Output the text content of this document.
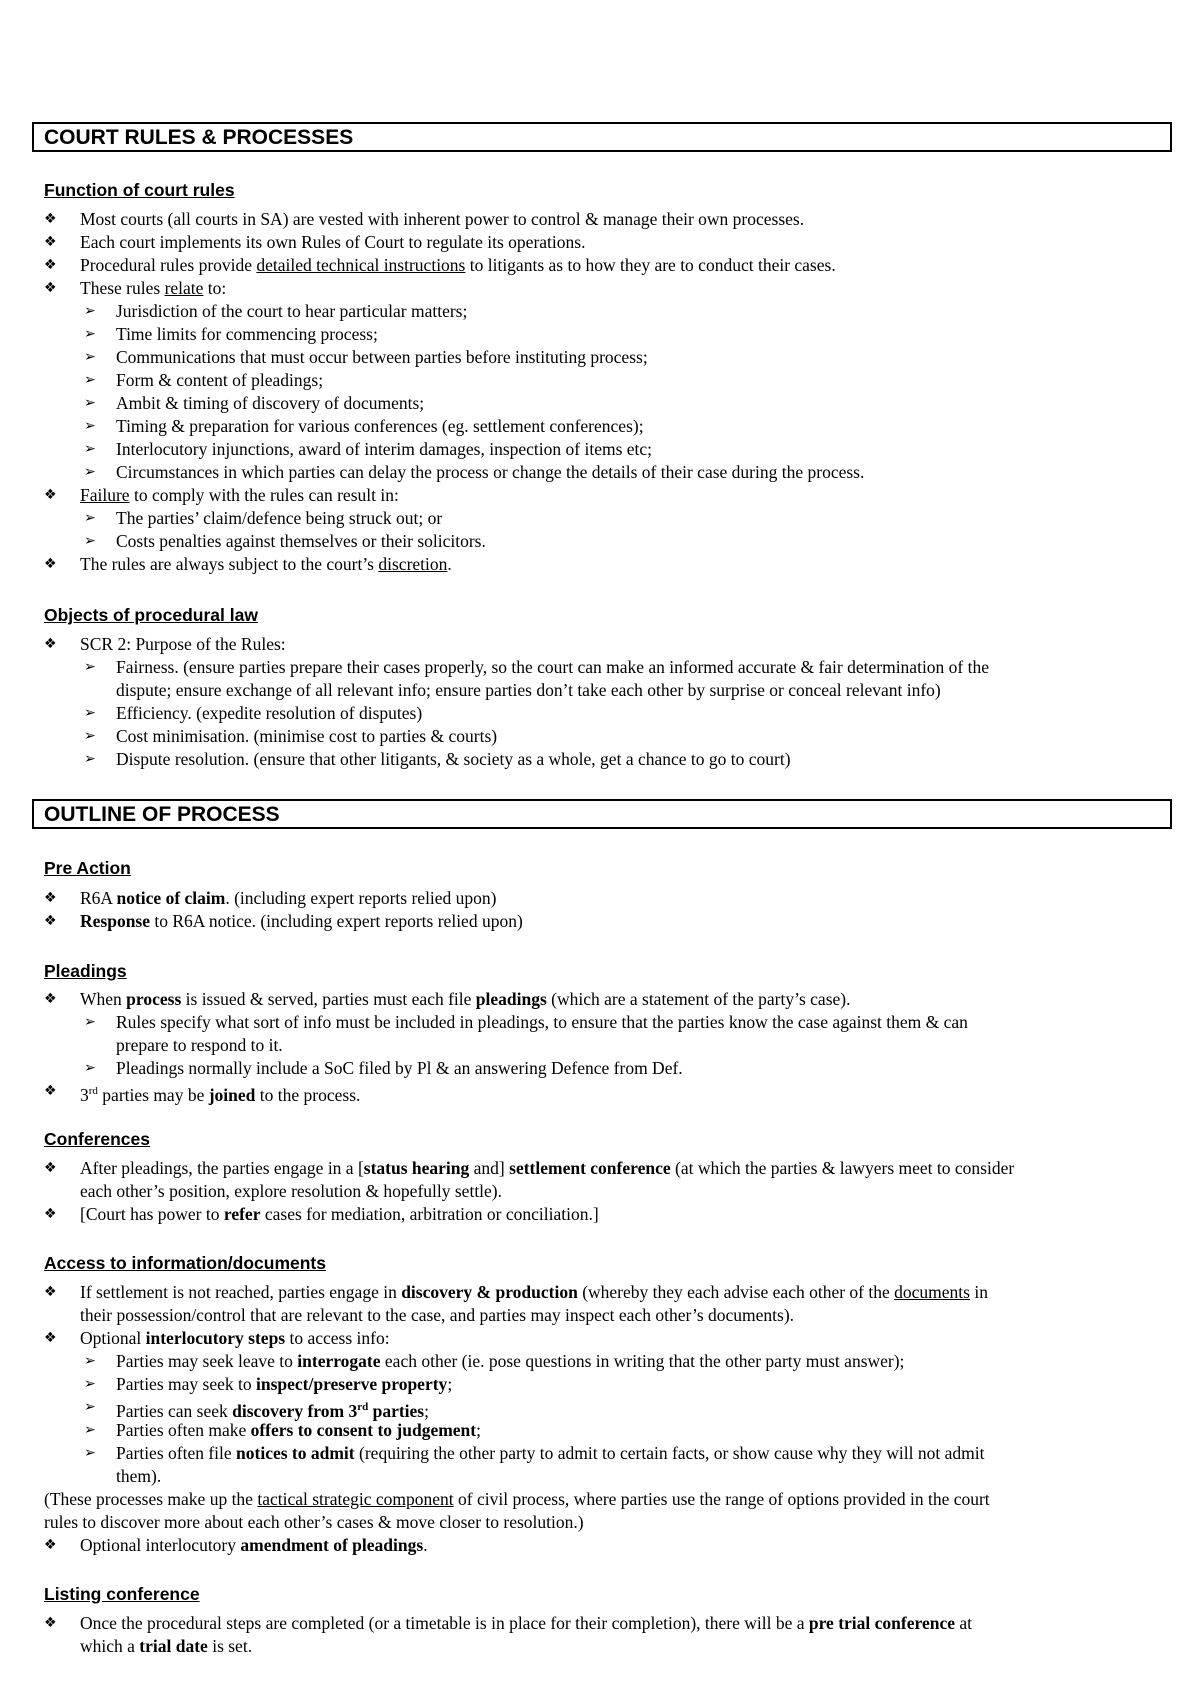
COURT RULES & PROCESSES
Function of court rules
❖ Most courts (all courts in SA) are vested with inherent power to control & manage their own processes.
❖ Each court implements its own Rules of Court to regulate its operations.
❖ Procedural rules provide detailed technical instructions to litigants as to how they are to conduct their cases.
❖ These rules relate to:
➢ Jurisdiction of the court to hear particular matters;
➢ Time limits for commencing process;
➢ Communications that must occur between parties before instituting process;
➢ Form & content of pleadings;
➢ Ambit & timing of discovery of documents;
➢ Timing & preparation for various conferences (eg. settlement conferences);
➢ Interlocutory injunctions, award of interim damages, inspection of items etc;
➢ Circumstances in which parties can delay the process or change the details of their case during the process.
❖ Failure to comply with the rules can result in:
➢ The parties’ claim/defence being struck out; or
➢ Costs penalties against themselves or their solicitors.
❖ The rules are always subject to the court’s discretion.
Objects of procedural law
❖ SCR 2: Purpose of the Rules:
➢ Fairness. (ensure parties prepare their cases properly, so the court can make an informed accurate & fair determination of the
dispute; ensure exchange of all relevant info; ensure parties don’t take each other by surprise or conceal relevant info)
➢ Efficiency. (expedite resolution of disputes)
➢ Cost minimisation. (minimise cost to parties & courts)
➢ Dispute resolution. (ensure that other litigants, & society as a whole, get a chance to go to court)
OUTLINE OF PROCESS
Pre Action
❖ R6A notice of claim. (including expert reports relied upon)
❖ Response to R6A notice. (including expert reports relied upon)
Pleadings
❖ When process is issued & served, parties must each file pleadings (which are a statement of the party’s case).
➢ Rules specify what sort of info must be included in pleadings, to ensure that the parties know the case against them & can
prepare to respond to it.
➢ Pleadings normally include a SoC filed by Pl & an answering Defence from Def.
❖ 3rd parties may be joined to the process.
Conferences
❖ After pleadings, the parties engage in a [status hearing and] settlement conference (at which the parties & lawyers meet to consider
each other’s position, explore resolution & hopefully settle).
❖ [Court has power to refer cases for mediation, arbitration or conciliation.]
Access to information/documents
❖ If settlement is not reached, parties engage in discovery & production (whereby they each advise each other of the documents in
their possession/control that are relevant to the case, and parties may inspect each other’s documents).
❖ Optional interlocutory steps to access info:
➢ Parties may seek leave to interrogate each other (ie. pose questions in writing that the other party must answer);
➢ Parties may seek to inspect/preserve property;
➢ Parties can seek discovery from 3rd parties;
➢ Parties often make offers to consent to judgement;
➢ Parties often file notices to admit (requiring the other party to admit to certain facts, or show cause why they will not admit
them).
(These processes make up the tactical strategic component of civil process, where parties use the range of options provided in the court
rules to discover more about each other’s cases & move closer to resolution.)
❖ Optional interlocutory amendment of pleadings.
Listing conference
❖ Once the procedural steps are completed (or a timetable is in place for their completion), there will be a pre trial conference at
which a trial date is set.
